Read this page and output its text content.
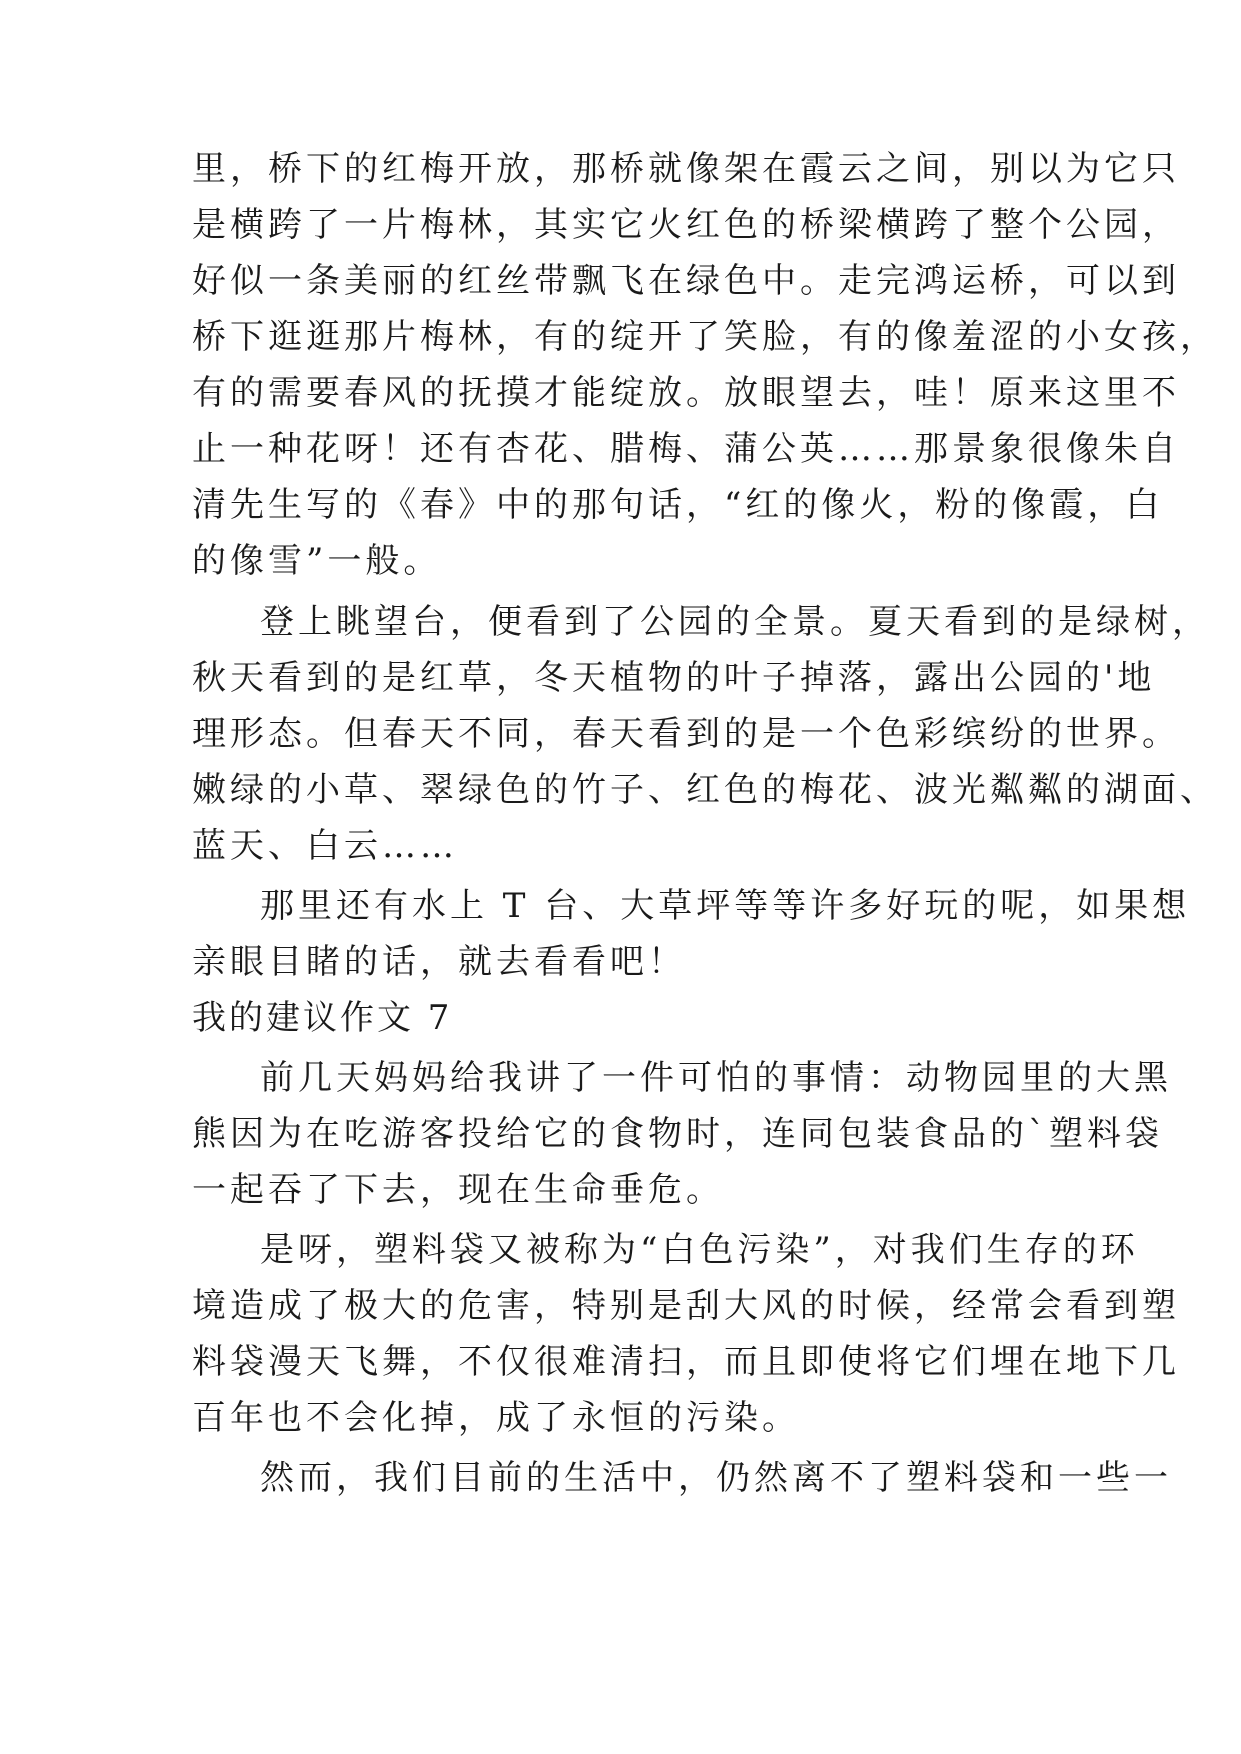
里，桥下的红梅开放，那桥就像架在霞云之间，别以为它只
是横跨了一片梅林，其实它火红色的桥梁横跨了整个公园，
好似一条美丽的红丝带飘飞在绿色中。走完鸿运桥，可以到
桥下逛逛那片梅林，有的绽开了笑脸，有的像羞涩的小女孩，
有的需要春风的抚摸才能绽放。放眼望去，哇！原来这里不
止一种花呀！还有杏花、腊梅、蒲公英……那景象很像朱自
清先生写的《春》中的那句话，“红的像火，粉的像霞，白
的像雪”一般。
登上眺望台，便看到了公园的全景。夏天看到的是绿树，
秋天看到的是红草，冬天植物的叶子掉落，露出公园的'地
理形态。但春天不同，春天看到的是一个色彩缤纷的世界。
嫩绿的小草、翠绿色的竹子、红色的梅花、波光粼粼的湖面、
蓝天、白云……
那里还有水上 T 台、大草坪等等许多好玩的呢，如果想
亲眼目睹的话，就去看看吧！
我的建议作文 7
前几天妈妈给我讲了一件可怕的事情：动物园里的大黑
熊因为在吃游客投给它的食物时，连同包装食品的`塑料袋
一起吞了下去，现在生命垂危。
是呀，塑料袋又被称为“白色污染”，对我们生存的环
境造成了极大的危害，特别是刮大风的时候，经常会看到塑
料袋漫天飞舞，不仅很难清扫，而且即使将它们埋在地下几
百年也不会化掉，成了永恒的污染。
然而，我们目前的生活中，仍然离不了塑料袋和一些一
